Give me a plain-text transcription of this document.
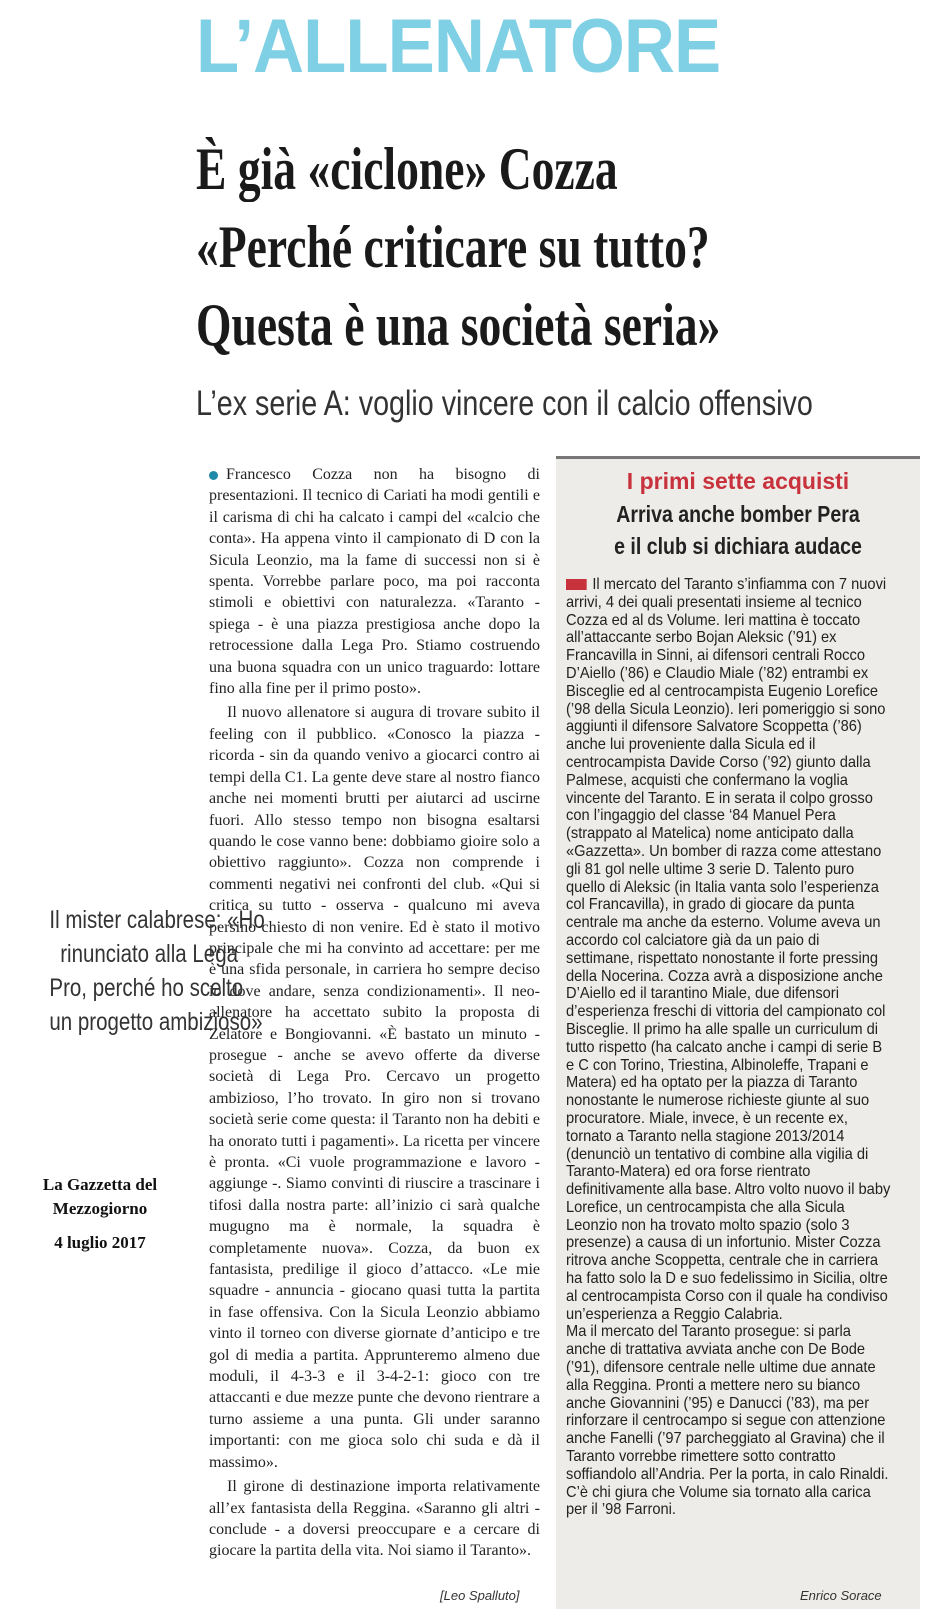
L’ALLENATORE
È già «ciclone» Cozza
«Perché criticare su tutto?
Questa è una società seria»
L’ex serie A: voglio vincere con il calcio offensivo

Francesco Cozza non ha bisogno di presentazioni. Il tecnico di Cariati ha modi gentili e il carisma di chi ha calcato i campi del «calcio che conta». Ha appena vinto il campionato di D con la Sicula Leonzio, ma la fame di successi non si è spenta. Vorrebbe parlare poco, ma poi racconta stimoli e obiettivi con naturalezza. «Taranto - spiega - è una piazza prestigiosa anche dopo la retrocessione dalla Lega Pro. Stiamo costruendo una buona squadra con un unico traguardo: lottare fino alla fine per il primo posto».

Il nuovo allenatore si augura di trovare subito il feeling con il pubblico. «Conosco la piazza - ricorda - sin da quando venivo a giocarci contro ai tempi della C1. La gente deve stare al nostro fianco anche nei momenti brutti per aiutarci ad uscirne fuori. Allo stesso tempo non bisogna esaltarsi quando le cose vanno bene: dobbiamo gioire solo a obiettivo raggiunto». Cozza non comprende i commenti negativi nei confronti del club. «Qui si critica su tutto - osserva - qualcuno mi aveva persino chiesto di non venire. Ed è stato il motivo principale che mi ha convinto ad accettare: per me è una sfida personale, in carriera ho sempre deciso io dove andare, senza condizionamenti». Il neo-allenatore ha accettato subito la proposta di Zelatore e Bongiovanni. «È bastato un minuto - prosegue - anche se avevo offerte da diverse società di Lega Pro. Cercavo un progetto ambizioso, l’ho trovato. In giro non si trovano società serie come questa: il Taranto non ha debiti e ha onorato tutti i pagamenti». La ricetta per vincere è pronta. «Ci vuole programmazione e lavoro - aggiunge -. Siamo convinti di riuscire a trascinare i tifosi dalla nostra parte: all’inizio ci sarà qualche mugugno ma è normale, la squadra è completamente nuova». Cozza, da buon ex fantasista, predilige il gioco d’attacco. «Le mie squadre - annuncia - giocano quasi tutta la partita in fase offensiva. Con la Sicula Leonzio abbiamo vinto il torneo con diverse giornate d’anticipo e tre gol di media a partita. Apprunteremo almeno due moduli, il 4-3-3 e il 3-4-2-1: gioco con tre attaccanti e due mezze punte che devono rientrare a turno assieme a una punta. Gli under saranno importanti: con me gioca solo chi suda e dà il massimo».

Il girone di destinazione importa relativamente all’ex fantasista della Reggina. «Saranno gli altri - conclude - a doversi preoccupare e a cercare di giocare la partita della vita. Noi siamo il Taranto».

[Leo Spalluto]
Il mister calabrese: «Ho
rinunciato alla Lega
Pro, perché ho scelto
un progetto ambizioso»
La Gazzetta del
Mezzogiorno
4 luglio 2017
I primi sette acquisti
Arriva anche bomber Pera
e il club si dichiara audace

Il mercato del Taranto s’infiamma con 7 nuovi arrivi, 4 dei quali presentati insieme al tecnico Cozza ed al ds Volume. Ieri mattina è toccato all’attaccante serbo Bojan Aleksic (’91) ex Francavilla in Sinni, ai difensori centrali Rocco D’Aiello (’86) e Claudio Miale (’82) entrambi ex Bisceglie ed al centrocampista Eugenio Lorefice (’98 della Sicula Leonzio). Ieri pomeriggio si sono aggiunti il difensore Salvatore Scoppetta (’86) anche lui proveniente dalla Sicula ed il centrocampista Davide Corso (’92) giunto dalla Palmese, acquisti che confermano la voglia vincente del Taranto. E in serata il colpo grosso con l’ingaggio del classe ‘84 Manuel Pera (strappato al Matelica) nome anticipato dalla «Gazzetta». Un bomber di razza come attestano gli 81 gol nelle ultime 3 serie D. Talento puro quello di Aleksic (in Italia vanta solo l’esperienza col Francavilla), in grado di giocare da punta centrale ma anche da esterno. Volume aveva un accordo col calciatore già da un paio di settimane, rispettato nonostante il forte pressing della Nocerina. Cozza avrà a disposizione anche D’Aiello ed il tarantino Miale, due difensori d’esperienza freschi di vittoria del campionato col Bisceglie. Il primo ha alle spalle un curriculum di tutto rispetto (ha calcato anche i campi di serie B e C con Torino, Triestina, Albinoleffe, Trapani e Matera) ed ha optato per la piazza di Taranto nonostante le numerose richieste giunte al suo procuratore. Miale, invece, è un recente ex, tornato a Taranto nella stagione 2013/2014 (denunciò un tentativo di combine alla vigilia di Taranto-Matera) ed ora forse rientrato definitivamente alla base. Altro volto nuovo il baby Lorefice, un centrocampista che alla Sicula Leonzio non ha trovato molto spazio (solo 3 presenze) a causa di un infortunio. Mister Cozza ritrova anche Scoppetta, centrale che in carriera ha fatto solo la D e suo fedelissimo in Sicilia, oltre al centrocampista Corso con il quale ha condiviso un’esperienza a Reggio Calabria.

Ma il mercato del Taranto prosegue: si parla anche di trattativa avviata anche con De Bode (’91), difensore centrale nelle ultime due annate alla Reggina. Pronti a mettere nero su bianco anche Giovannini (’95) e Danucci (’83), ma per rinforzare il centrocampo si segue con attenzione anche Fanelli (’97 parcheggiato al Gravina) che il Taranto vorrebbe rimettere sotto contratto soffiandolo all’Andria. Per la porta, in calo Rinaldi. C’è chi giura che Volume sia tornato alla carica per il ’98 Farroni.

Enrico Sorace
